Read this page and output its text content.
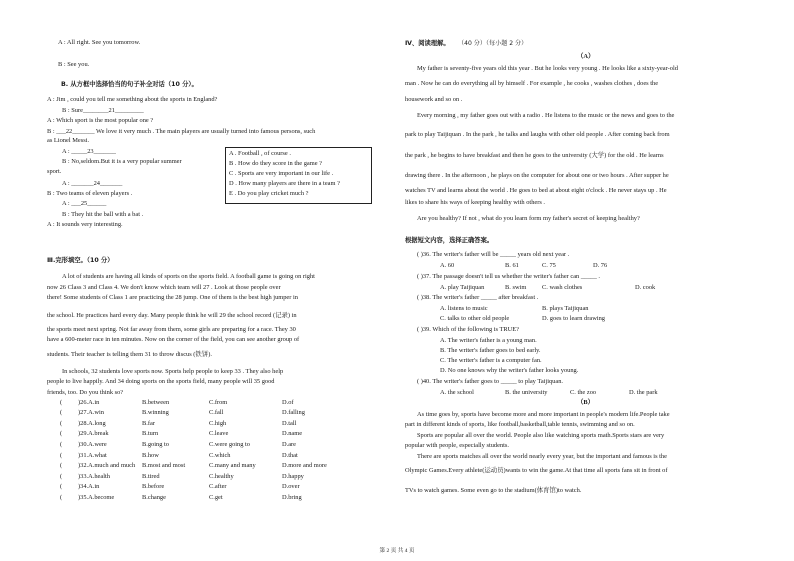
A : All right. See you tomorrow.
B : See you.
B. 从方框中选择恰当的句子补全对话（10 分）。
A : Jim , could you tell me something about the sports in England?
B : Sure________21_________
A : Which sport is the most popular one ?
B : ___22_______ We love it very much . The main players are usually turned into famous persons, such
as Lionel Messi.
A : _____23_______
B : No,seldom.But it is a very popular summer
sport.
A : _______24_______
B : Two teams of eleven players .
A : ___25______
B : They hit the ball with a bat .
A : It sounds very interesting.
A . Football , of course .
B . How do they score in the game ?
C . Sports are very important in our life .
D . How many players are there in a team ?
E . Do you play cricket much ?
Ⅲ.完形填空。（10 分）
A lot of students are having all kinds of sports on the sports field. A football game is going on right
now 26 Class 3 and Class 4. We don't know which team will 27 . Look at those people over
there! Some students of Class 1 are practicing the 28 jump. One of them is the best high jumper in
the school. He practices hard every day. Many people think he will 29 the school record (记录) in
the sports meet next spring. Not far away from them, some girls are preparing for a race. They 30
have a 600-meter race in ten minutes. Now on the corner of the field, you can see another group of
students. Their teacher is telling them 31 to throw discus (铁饼).
In schools, 32 students love sports now. Sports help people to keep 33 . They also help
people to live happily. And 34 doing sports on the sports field, many people will 35 good
friends, too. Do you think so?
( )26.A.in	B.between	C.from	D.of
( )27.A.win	B.winning	C.fall	D.falling
( )28.A.long	B.far	C.high	D.tall
( )29.A.break	B.turn	C.leave	D.name
( )30.A.were	B.going to	C.were going to	D.are
( )31.A.what	B.how	C.which	D.that
( )32.A.much and much B.most and most	C.many and many	D.more and more
( )33.A.health	B.tired	C.healthy	D.happy
( )34.A.in	B.before	C.after	D.over
( )35.A.become	B.change	C.get	D.bring
Ⅳ、阅读理解。 （40 分）（每小题 2 分）
（A）
My father is seventy-five years old this year . But he looks very young . He looks like a sixty-year-old
man . Now he can do everything all by himself . For example , he cooks , washes clothes , does the
housework and so on .
Every morning , my father goes out with a radio . He listens to the music or the news and goes to the
park to play Taijiquan . In the park , he talks and laughs with other old people . After coming back from
the park , he begins to have breakfast and then he goes to the university (大学) for the old . He learns
drawing there . In the afternoon , he plays on the computer for about one or two hours . After supper he
watches TV and learns about the world . He goes to bed at about eight o'clock . He never stays up . He
likes to share his ways of keeping healthy with others .
Are you healthy? If not , what do you learn form my father's secret of keeping healthy?
根据短文内容，选择正确答案。
( )36. The writer's father will be _____ years old next year .
A. 60	B. 61	C. 75	D. 76
( )37. The passage doesn't tell us whether the writer's father can _____ .
A. play Taijiquan	B. swim C. wash clothes	D. cook
( )38. The writer's father _____ after breakfast .
A. listens to music	B. plays Taijiquan
C. talks to other old people	D. goes to learn drawing
( )39. Which of the following is TRUE?
A. The writer's father is a young man.
B. The writer's father goes to bed early.
C. The writer's father is a computer fan.
D. No one knows why the writer's father looks young.
( )40. The writer's father goes to _____ to play Taijiquan.
A. the school	B. the university	C. the zoo	D. the park
（B）
As time goes by, sports have become more and more important in people's modern life.People take
part in different kinds of sports, like football,basketball,table tennis, swimming and so on.
Sports are popular all over the world. People also like watching sports math.Sports stars are very
popular with people, especially students.
There are sports matches all over the world nearly every year, but the important and famous is the
Olympic Games.Every athlete(运动员)wants to win the game.At that time all sports fans sit in front of
TVs to watch games. Some even go to the stadium(体育馆)to watch.
第 2 页 共 4 页
